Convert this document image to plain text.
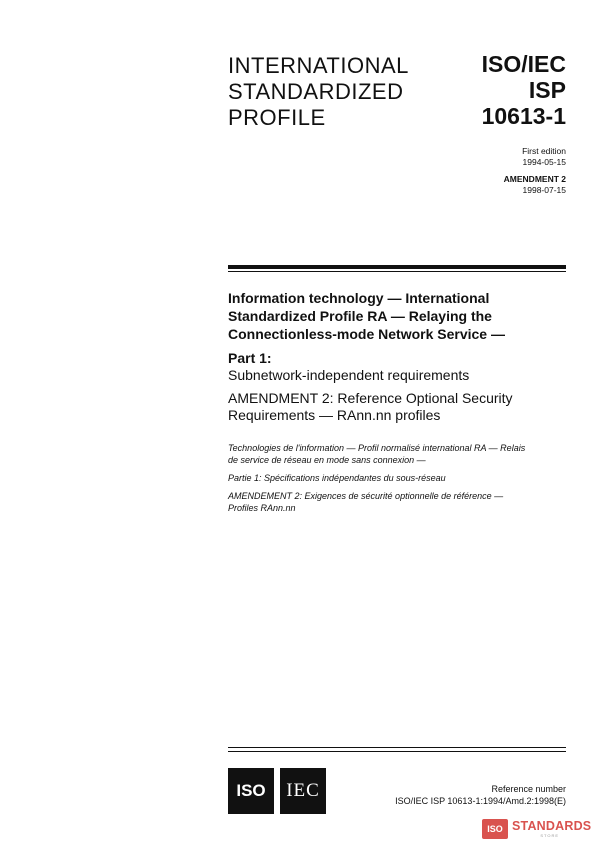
INTERNATIONAL
STANDARDIZED
PROFILE
ISO/IEC
ISP
10613-1
First edition
1994-05-15
AMENDMENT 2
1998-07-15
Information technology — International
Standardized Profile RA — Relaying the
Connectionless-mode Network Service —
Part 1:
Subnetwork-independent requirements
AMENDMENT 2: Reference Optional Security
Requirements — RAnn.nn profiles

Technologies de l'information — Profil normalisé international RA — Relais
de service de réseau en mode sans connexion —

Partie 1: Spécifications indépendantes du sous-réseau

AMENDEMENT 2: Exigences de sécurité optionnelle de référence —
Profiles RAnn.nn

ISO IEC	Reference number
ISO/IEC ISP 10613-1:1994/Amd.2:1998(E)
ISO STANDARDS
STORE
